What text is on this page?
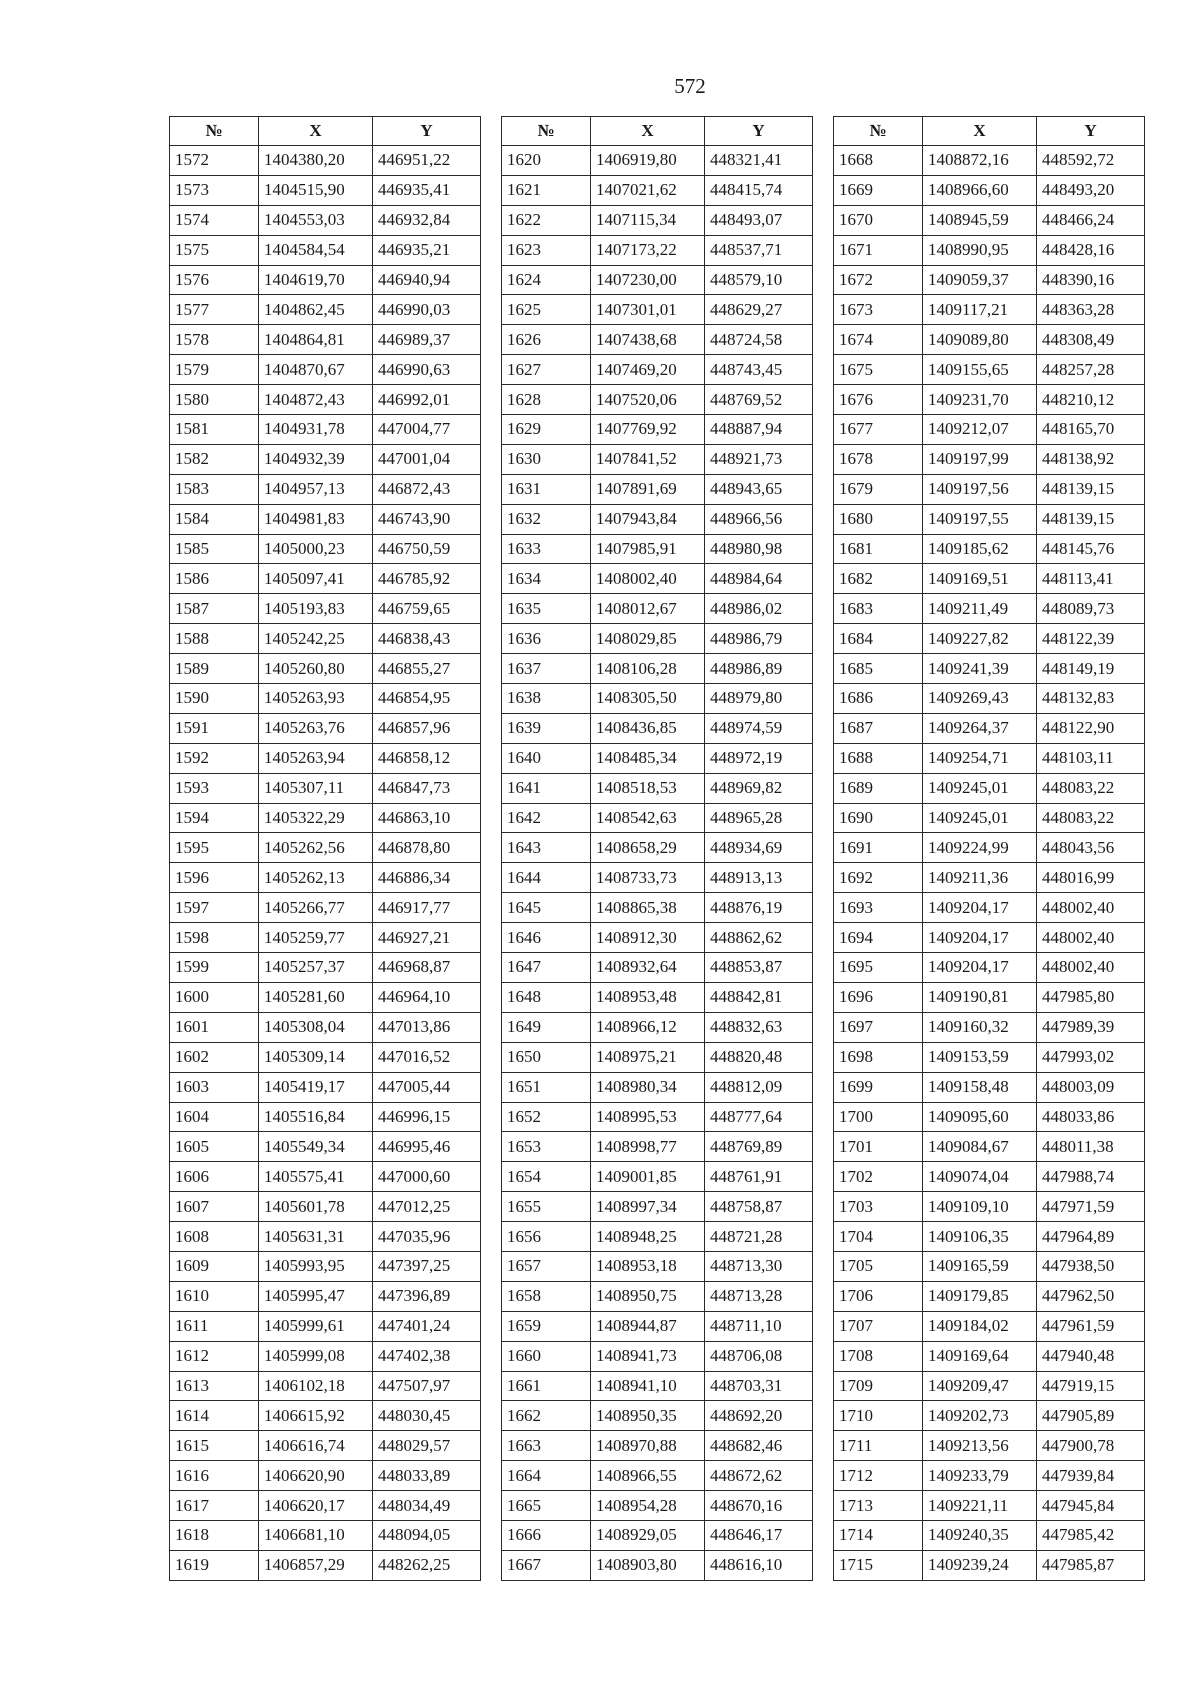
572
№	X	Y
1572	1404380,20	446951,22
1573	1404515,90	446935,41
1574	1404553,03	446932,84
1575	1404584,54	446935,21
1576	1404619,70	446940,94
1577	1404862,45	446990,03
1578	1404864,81	446989,37
1579	1404870,67	446990,63
1580	1404872,43	446992,01
1581	1404931,78	447004,77
1582	1404932,39	447001,04
1583	1404957,13	446872,43
1584	1404981,83	446743,90
1585	1405000,23	446750,59
1586	1405097,41	446785,92
1587	1405193,83	446759,65
1588	1405242,25	446838,43
1589	1405260,80	446855,27
1590	1405263,93	446854,95
1591	1405263,76	446857,96
1592	1405263,94	446858,12
1593	1405307,11	446847,73
1594	1405322,29	446863,10
1595	1405262,56	446878,80
1596	1405262,13	446886,34
1597	1405266,77	446917,77
1598	1405259,77	446927,21
1599	1405257,37	446968,87
1600	1405281,60	446964,10
1601	1405308,04	447013,86
1602	1405309,14	447016,52
1603	1405419,17	447005,44
1604	1405516,84	446996,15
1605	1405549,34	446995,46
1606	1405575,41	447000,60
1607	1405601,78	447012,25
1608	1405631,31	447035,96
1609	1405993,95	447397,25
1610	1405995,47	447396,89
1611	1405999,61	447401,24
1612	1405999,08	447402,38
1613	1406102,18	447507,97
1614	1406615,92	448030,45
1615	1406616,74	448029,57
1616	1406620,90	448033,89
1617	1406620,17	448034,49
1618	1406681,10	448094,05
1619	1406857,29	448262,25
№	X	Y
1620	1406919,80	448321,41
1621	1407021,62	448415,74
1622	1407115,34	448493,07
1623	1407173,22	448537,71
1624	1407230,00	448579,10
1625	1407301,01	448629,27
1626	1407438,68	448724,58
1627	1407469,20	448743,45
1628	1407520,06	448769,52
1629	1407769,92	448887,94
1630	1407841,52	448921,73
1631	1407891,69	448943,65
1632	1407943,84	448966,56
1633	1407985,91	448980,98
1634	1408002,40	448984,64
1635	1408012,67	448986,02
1636	1408029,85	448986,79
1637	1408106,28	448986,89
1638	1408305,50	448979,80
1639	1408436,85	448974,59
1640	1408485,34	448972,19
1641	1408518,53	448969,82
1642	1408542,63	448965,28
1643	1408658,29	448934,69
1644	1408733,73	448913,13
1645	1408865,38	448876,19
1646	1408912,30	448862,62
1647	1408932,64	448853,87
1648	1408953,48	448842,81
1649	1408966,12	448832,63
1650	1408975,21	448820,48
1651	1408980,34	448812,09
1652	1408995,53	448777,64
1653	1408998,77	448769,89
1654	1409001,85	448761,91
1655	1408997,34	448758,87
1656	1408948,25	448721,28
1657	1408953,18	448713,30
1658	1408950,75	448713,28
1659	1408944,87	448711,10
1660	1408941,73	448706,08
1661	1408941,10	448703,31
1662	1408950,35	448692,20
1663	1408970,88	448682,46
1664	1408966,55	448672,62
1665	1408954,28	448670,16
1666	1408929,05	448646,17
1667	1408903,80	448616,10
№	X	Y
1668	1408872,16	448592,72
1669	1408966,60	448493,20
1670	1408945,59	448466,24
1671	1408990,95	448428,16
1672	1409059,37	448390,16
1673	1409117,21	448363,28
1674	1409089,80	448308,49
1675	1409155,65	448257,28
1676	1409231,70	448210,12
1677	1409212,07	448165,70
1678	1409197,99	448138,92
1679	1409197,56	448139,15
1680	1409197,55	448139,15
1681	1409185,62	448145,76
1682	1409169,51	448113,41
1683	1409211,49	448089,73
1684	1409227,82	448122,39
1685	1409241,39	448149,19
1686	1409269,43	448132,83
1687	1409264,37	448122,90
1688	1409254,71	448103,11
1689	1409245,01	448083,22
1690	1409245,01	448083,22
1691	1409224,99	448043,56
1692	1409211,36	448016,99
1693	1409204,17	448002,40
1694	1409204,17	448002,40
1695	1409204,17	448002,40
1696	1409190,81	447985,80
1697	1409160,32	447989,39
1698	1409153,59	447993,02
1699	1409158,48	448003,09
1700	1409095,60	448033,86
1701	1409084,67	448011,38
1702	1409074,04	447988,74
1703	1409109,10	447971,59
1704	1409106,35	447964,89
1705	1409165,59	447938,50
1706	1409179,85	447962,50
1707	1409184,02	447961,59
1708	1409169,64	447940,48
1709	1409209,47	447919,15
1710	1409202,73	447905,89
1711	1409213,56	447900,78
1712	1409233,79	447939,84
1713	1409221,11	447945,84
1714	1409240,35	447985,42
1715	1409239,24	447985,87
